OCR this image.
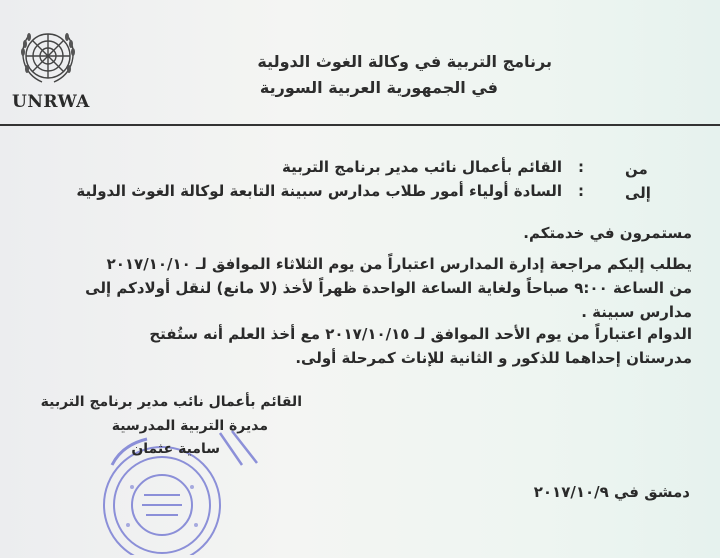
UNRWA
برنامج التربية في وكالة الغوث الدولية
في الجمهورية العربية السورية
من
:
القائم بأعمال نائب مدير برنامج التربية
إلى
:
السادة أولياء أمور طلاب مدارس سبينة التابعة لوكالة الغوث الدولية
مستمرون في خدمتكم.
يطلب إليكم مراجعة إدارة المدارس اعتباراً من يوم الثلاثاء الموافق لـ ٢٠١٧/١٠/١٠
من الساعة ٩:٠٠ صباحاً ولغاية الساعة الواحدة ظهراً لأخذ (لا مانع) لنقل أولادكم إلى
مدارس سبينة .
الدوام اعتباراً من يوم الأحد الموافق لـ ٢٠١٧/١٠/١٥ مع أخذ العلم أنه ستُفتح
مدرستان إحداهما للذكور و الثانية للإناث كمرحلة أولى.
القائم بأعمال نائب مدير برنامج التربية
مديرة التربية المدرسية
سامية عثمان
دمشق في ٢٠١٧/١٠/٩
